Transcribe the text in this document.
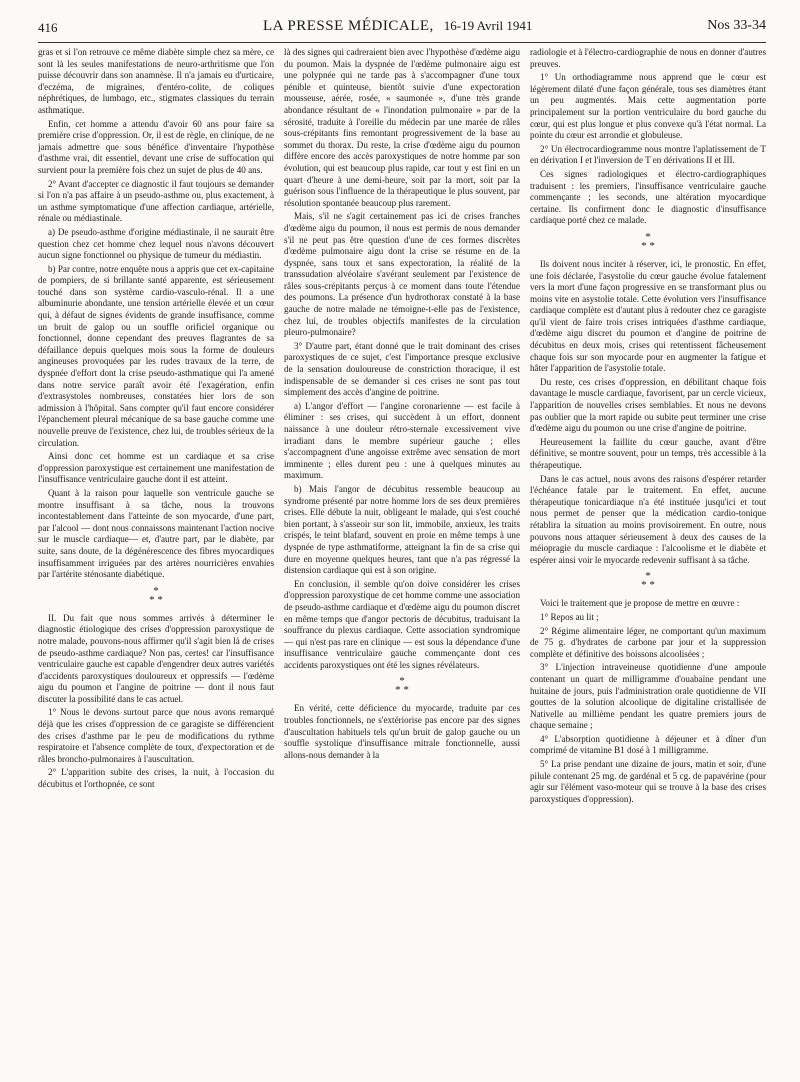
416	LA PRESSE MÉDICALE, 16-19 Avril 1941	Nos 33-34

gras et si l'on retrouve ce même diabète simple chez sa mère, ce sont là les seules manifestations de neuro-arthritisme que l'on puisse découvrir dans son anamnèse. Il n'a jamais eu d'urticaire, d'eczéma, de migraines, d'entéro-colite, de coliques néphrétiques, de lumbago, etc., stigmates classiques du terrain asthmatique.

Enfin, cet homme a attendu d'avoir 60 ans pour faire sa première crise d'oppression. Or, il est de règle, en clinique, de ne jamais admettre que sous bénéfice d'inventaire l'hypothèse d'asthme vrai, dit essentiel, devant une crise de suffocation qui survient pour la première fois chez un sujet de plus de 40 ans.

2° Avant d'accepter ce diagnostic il faut toujours se demander si l'on n'a pas affaire à un pseudo-asthme ou, plus exactement, à un asthme symptomatique d'une affection cardiaque, artérielle, rénale ou médiastinale.

a) De pseudo-asthme d'origine médiastinale, il ne saurait être question chez cet homme chez lequel nous n'avons découvert aucun signe fonctionnel ou physique de tumeur du médiastin.

b) Par contre, notre enquête nous a appris que cet ex-capitaine de pompiers, de si brillante santé apparente, est sérieusement touché dans son système cardio-vasculo-rénal. Il a une albuminurie abondante, une tension artérielle élevée et un cœur qui, à défaut de signes évidents de grande insuffisance, comme un bruit de galop ou un souffle orificiel organique ou fonctionnel, donne cependant des preuves flagrantes de sa défaillance depuis quelques mois sous la forme de douleurs angineuses provoquées par les rudes travaux de la terre, de dyspnée d'effort dont la crise pseudo-asthmatique qui l'a amené dans notre service paraît avoir été l'exagération, enfin d'extrasystoles nombreuses, constatées hier lors de son admission à l'hôpital. Sans compter qu'il faut encore considérer l'épanchement pleural mécanique de sa base gauche comme une nouvelle preuve de l'existence, chez lui, de troubles sérieux de la circulation.

Ainsi donc cet homme est un cardiaque et sa crise d'oppression paroxystique est certainement une manifestation de l'insuffisance ventriculaire gauche dont il est atteint.

Quant à la raison pour laquelle son ventricule gauche se montre insuffisant à sa tâche, nous la trouvons incontestablement dans l'atteinte de son myocarde, d'une part, par l'alcool — dont nous connaissons maintenant l'action nocive sur le muscle cardiaque— et, d'autre part, par le diabète, par suite, sans doute, de la dégénérescence des fibres myocardiques insuffisamment irriguées par des artères nourricières envahies par l'artérite sténosante diabétique.

*
* *

II. Du fait que nous sommes arrivés à déterminer le diagnostic étiologique des crises d'oppression paroxystique de notre malade, pouvons-nous affirmer qu'il s'agit bien là de crises de pseudo-asthme cardiaque? Non pas, certes! car l'insuffisance ventriculaire gauche est capable d'engendrer deux autres variétés d'accidents paroxystiques douloureux et oppressifs — l'œdème aigu du poumon et l'angine de poitrine — dont il nous faut discuter la possibilité dans le cas actuel.

1° Nous le devons surtout parce que nous avons remarqué déjà que les crises d'oppression de ce garagiste se différencient des crises d'asthme par le peu de modifications du rythme respiratoire et l'absence complète de toux, d'expectoration et de râles broncho-pulmonaires à l'auscultation.

2° L'apparition subite des crises, la nuit, à l'occasion du décubitus et l'orthopnée, ce sont

là des signes qui cadreraient bien avec l'hypothèse d'œdème aigu du poumon. Mais la dyspnée de l'œdème pulmonaire aigu est une polypnée qui ne tarde pas à s'accompagner d'une toux pénible et quinteuse, bientôt suivie d'une expectoration mousseuse, aérée, rosée, « saumonée », d'une très grande abondance résultant de « l'inondation pulmonaire » par de la sérosité, traduite à l'oreille du médecin par une marée de râles sous-crépitants fins remontant progressivement de la base au sommet du thorax. Du reste, la crise d'œdème aigu du poumon diffère encore des accès paroxystiques de notre homme par son évolution, qui est beaucoup plus rapide, car tout y est fini en un quart d'heure à une demi-heure, soit par la mort, soit par la guérison sous l'influence de la thérapeutique le plus souvent, par résolution spontanée beaucoup plus rarement.

Mais, s'il ne s'agit certainement pas ici de crises franches d'œdème aigu du poumon, il nous est permis de nous demander s'il ne peut pas être question d'une de ces formes discrètes d'œdème pulmonaire aigu dont la crise se résume en de la dyspnée, sans toux et sans expectoration, la réalité de la transsudation alvéolaire s'avérant seulement par l'existence de râles sous-crépitants perçus à ce moment dans toute l'étendue des poumons. La présence d'un hydrothorax constaté à la base gauche de notre malade ne témoigne-t-elle pas de l'existence, chez lui, de troubles objectifs manifestes de la circulation pleuro-pulmonaire?

3° D'autre part, étant donné que le trait dominant des crises paroxystiques de ce sujet, c'est l'importance presque exclusive de la sensation douloureuse de constriction thoracique, il est indispensable de se demander si ces crises ne sont pas tout simplement des accès d'angine de poitrine.

a) L'angor d'effort — l'angine coronarienne — est facile à éliminer : ses crises, qui succèdent à un effort, donnent naissance à une douleur rétro-sternale excessivement vive irradiant dans le membre supérieur gauche ; elles s'accompagnent d'une angoisse extrême avec sensation de mort imminente ; elles durent peu : une à quelques minutes au maximum.

b) Mais l'angor de décubitus ressemble beaucoup au syndrome présenté par notre homme lors de ses deux premières crises. Elle débute la nuit, obligeant le malade, qui s'est couché bien portant, à s'asseoir sur son lit, immobile, anxieux, les traits crispés, le teint blafard, souvent en proie en même temps à une dyspnée de type asthmatiforme, atteignant la fin de sa crise qui dure en moyenne quelques heures, tant que n'a pas régressé la distension cardiaque qui est à son origine.

En conclusion, il semble qu'on doive considérer les crises d'oppression paroxystique de cet homme comme une association de pseudo-asthme cardiaque et d'œdème aigu du poumon discret en même temps que d'angor pectoris de décubitus, traduisant la souffrance du plexus cardiaque. Cette association syndromique — qui n'est pas rare en clinique — est sous la dépendance d'une insuffisance ventriculaire gauche commençante dont ces accidents paroxystiques ont été les signes révélateurs.

*
* *

En vérité, cette déficience du myocarde, traduite par ces troubles fonctionnels, ne s'extériorise pas encore par des signes d'auscultation habituels tels qu'un bruit de galop gauche ou un souffle systolique d'insuffisance mitrale fonctionnelle, aussi allons-nous demander à la

radiologie et à l'électro-cardiographie de nous en donner d'autres preuves.

1° Un orthodiagramme nous apprend que le cœur est légèrement dilaté d'une façon générale, tous ses diamètres étant un peu augmentés. Mais cette augmentation porte principalement sur la portion ventriculaire du bord gauche du cœur, qui est plus longue et plus convexe qu'à l'état normal. La pointe du cœur est arrondie et globuleuse.

2° Un électrocardiogramme nous montre l'aplatissement de T en dérivation I et l'inversion de T en dérivations II et III.

Ces signes radiologiques et électro-cardiographiques traduisent : les premiers, l'insuffisance ventriculaire gauche commençante ; les seconds, une altération myocardique certaine. Ils confirment donc le diagnostic d'insuffisance cardiaque porté chez ce malade.

*
* *

Ils doivent nous inciter à réserver, ici, le pronostic. En effet, une fois déclarée, l'asystolie du cœur gauche évolue fatalement vers la mort d'une façon progressive en se transformant plus ou moins vite en asystolie totale. Cette évolution vers l'insuffisance cardiaque complète est d'autant plus à redouter chez ce garagiste qu'il vient de faire trois crises intriquées d'asthme cardiaque, d'œdème aigu discret du poumon et d'angine de poitrine de décubitus en deux mois, crises qui retentissent fâcheusement chaque fois sur son myocarde pour en augmenter la fatigue et hâter l'apparition de l'asystolie totale.

Du reste, ces crises d'oppression, en débilitant chaque fois davantage le muscle cardiaque, favorisent, par un cercle vicieux, l'apparition de nouvelles crises semblables. Et nous ne devons pas oublier que la mort rapide ou subite peut terminer une crise d'œdème aigu du poumon ou une crise d'angine de poitrine.

Heureusement la faillite du cœur gauche, avant d'être définitive, se montre souvent, pour un temps, très accessible à la thérapeutique.

Dans le cas actuel, nous avons des raisons d'espérer retarder l'échéance fatale par le traitement. En effet, aucune thérapeutique tonicardiaque n'a été instituée jusqu'ici et tout nous permet de penser que la médication cardio-tonique rétablira la situation au moins provisoirement. En outre, nous pouvons nous attaquer sérieusement à deux des causes de la méiopragie du muscle cardiaque : l'alcoolisme et le diabète et espérer ainsi voir le myocarde redevenir suffisant à sa tâche.

*
* *

Voici le traitement que je propose de mettre en œuvre :

1° Repos au lit ;

2° Régime alimentaire léger, ne comportant qu'un maximum de 75 g. d'hydrates de carbone par jour et la suppression complète et définitive des boissons alcoolisées ;

3° L'injection intraveineuse quotidienne d'une ampoule contenant un quart de milligramme d'ouabaïne pendant une huitaine de jours, puis l'administration orale quotidienne de VII gouttes de la solution alcoolique de digitaline cristallisée de Nativelle au millième pendant les quatre premiers jours de chaque semaine ;

4° L'absorption quotidienne à déjeuner et à dîner d'un comprimé de vitamine B1 dosé à 1 milligramme.

5° La prise pendant une dizaine de jours, matin et soir, d'une pilule contenant 25 mg. de gardénal et 5 cg. de papavérine (pour agir sur l'élément vaso-moteur qui se trouve à la base des crises paroxystiques d'oppression).
